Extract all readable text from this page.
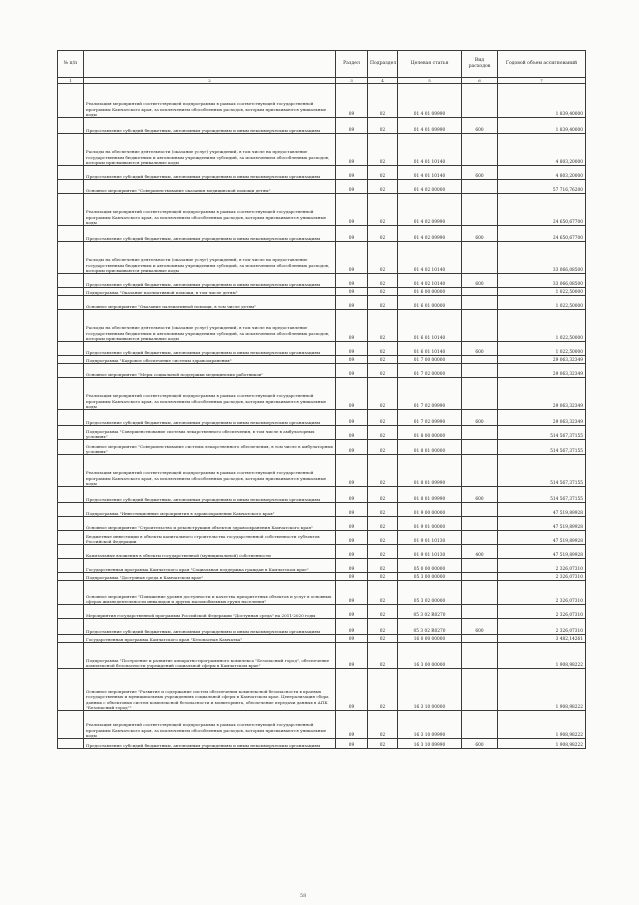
№ п/п		Раздел	Подраздел	Целевая статья	Вид расходов	Годовой объем ассигнований
1	2	3	4	5	6	7
	Реализация мероприятий соответствующей подпрограммы в рамках соответствующей государственной программы Камчатского края, за исключением обособленных расходов, которым присваиваются уникальные коды	09	02	01 4 01 09990		1 839,40000
	Предоставление субсидий бюджетным, автономным учреждениям и иным некоммерческим организациям	09	02	01 4 01 09990	600	1 839,40000
	Расходы на обеспечение деятельности (оказание услуг) учреждений, в том числе на предоставление государственным бюджетным и автономным учреждениям субсидий, за исключением обособленных расходов, которым присваиваются уникальные коды	09	02	01 4 01 10140		4 803,20000
	Предоставление субсидий бюджетным, автономным учреждениям и иным некоммерческим организациям	09	02	01 4 01 10140	600	4 803,20000
	Основное мероприятие "Совершенствование оказания медицинской помощи детям"	09	02	01 4 02 00000		57 716,76200
	Реализация мероприятий соответствующей подпрограммы в рамках соответствующей государственной программы Камчатского края, за исключением обособленных расходов, которым присваиваются уникальные коды	09	02	01 4 02 09990		24 650,67700
	Предоставление субсидий бюджетным, автономным учреждениям и иным некоммерческим организациям	09	02	01 4 02 09990	600	24 650,67700
	Расходы на обеспечение деятельности (оказание услуг) учреждений, в том числе на предоставление государственным бюджетным и автономным учреждениям субсидий, за исключением обособленных расходов, которым присваиваются уникальные коды	09	02	01 4 02 10140		33 066,08500
	Предоставление субсидий бюджетным, автономным учреждениям и иным некоммерческим организациям	09	02	01 4 02 10140	600	33 066,08500
	Подпрограмма "Оказание паллиативной помощи, в том числе детям"	09	02	01 6 00 00000		1 022,50000
	Основное мероприятие "Оказание паллиативной помощи, в том числе детям"	09	02	01 6 01 00000		1 022,50000
	Расходы на обеспечение деятельности (оказание услуг) учреждений, в том числе на предоставление государственным бюджетным и автономным учреждениям субсидий, за исключением обособленных расходов, которым присваиваются уникальные коды	09	02	01 6 01 10140		1 022,50000
	Предоставление субсидий бюджетным, автономным учреждениям и иным некоммерческим организациям	09	02	01 6 01 10140	600	1 022,50000
	Подпрограмма "Кадровое обеспечение системы здравоохранения"	09	02	01 7 00 00000		29 063,32349
	Основное мероприятие "Меры социальной поддержки медицинских работников"	09	02	01 7 02 00000		29 063,32349
	Реализация мероприятий соответствующей подпрограммы в рамках соответствующей государственной программы Камчатского края, за исключением обособленных расходов, которым присваиваются уникальные коды	09	02	01 7 02 09990		29 063,32349
	Предоставление субсидий бюджетным, автономным учреждениям и иным некоммерческим организациям	09	02	01 7 02 09990	600	29 063,32349
	Подпрограмма "Совершенствование системы лекарственного обеспечения, в том числе в амбулаторных условиях"	09	02	01 8 00 00000		514 567,37155
	Основное мероприятие "Совершенствование системы лекарственного обеспечения, в том числе в амбулаторных условиях"	09	02	01 8 01 00000		514 567,37155
	Реализация мероприятий соответствующей подпрограммы в рамках соответствующей государственной программы Камчатского края, за исключением обособленных расходов, которым присваиваются уникальные коды	09	02	01 8 01 09990		514 567,37155
	Предоставление субсидий бюджетным, автономным учреждениям и иным некоммерческим организациям	09	02	01 8 01 09990	600	514 567,37155
	Подпрограмма "Инвестиционные мероприятия в здравоохранении Камчатского края"	09	02	01 9 00 00000		47 519,89928
	Основное мероприятие "Строительство и реконструкция объектов здравоохранения Камчатского края"	09	02	01 9 01 00000		47 519,89928
	Бюджетные инвестиции в объекты капитального строительства государственной собственности субъектов Российской Федерации	09	02	01 9 01 10130		47 519,89928
	Капитальные вложения в объекты государственной (муниципальной) собственности	09	02	01 9 01 10130	400	47 519,89928
	Государственная программа Камчатского края "Социальная поддержка граждан в Камчатском крае"	09	02	05 0 00 00000		2 326,07310
	Подпрограмма "Доступная среда в Камчатском крае"	09	02	05 3 00 00000		2 326,07310
	Основное мероприятие "Повышение уровня доступности и качества приоритетных объектов и услуг в основных сферах жизнедеятельности инвалидов и других маломобильных групп населения"	09	02	05 3 02 00000		2 326,07310
	Мероприятия государственной программы Российской Федерации "Доступная среда" на 2011-2020 годы	09	02	05 3 02 R0270		2 326,07310
	Предоставление субсидий бюджетным, автономным учреждениям и иным некоммерческим организациям	09	02	05 3 02 R0270	600	2 326,07310
	Государственная программа Камчатского края "Безопасная Камчатка"	09	02	16 0 00 00000		3 482,14261
	Подпрограмма "Построение и развитие аппаратно-программного комплекса "Безопасный город", обеспечение комплексной безопасности учреждений социальной сферы в Камчатском крае"	09	02	16 3 00 00000		1 908,98222
	Основное мероприятие "Развитие и содержание систем обеспечения комплексной безопасности в краевых государственных и муниципальных учреждениях социальной сферы в Камчатском крае. Централизация сбора данных с объектовых систем комплексной безопасности и мониторинга, обеспечение передачи данных в АПК "Безопасный город""	09	02	16 3 10 00000		1 908,98222
	Реализация мероприятий соответствующей подпрограммы в рамках соответствующей государственной программы Камчатского края, за исключением обособленных расходов, которым присваиваются уникальные коды	09	02	16 3 10 09990		1 908,98222
	Предоставление субсидий бюджетным, автономным учреждениям и иным некоммерческим организациям	09	02	16 3 10 09990	600	1 908,98222
58
